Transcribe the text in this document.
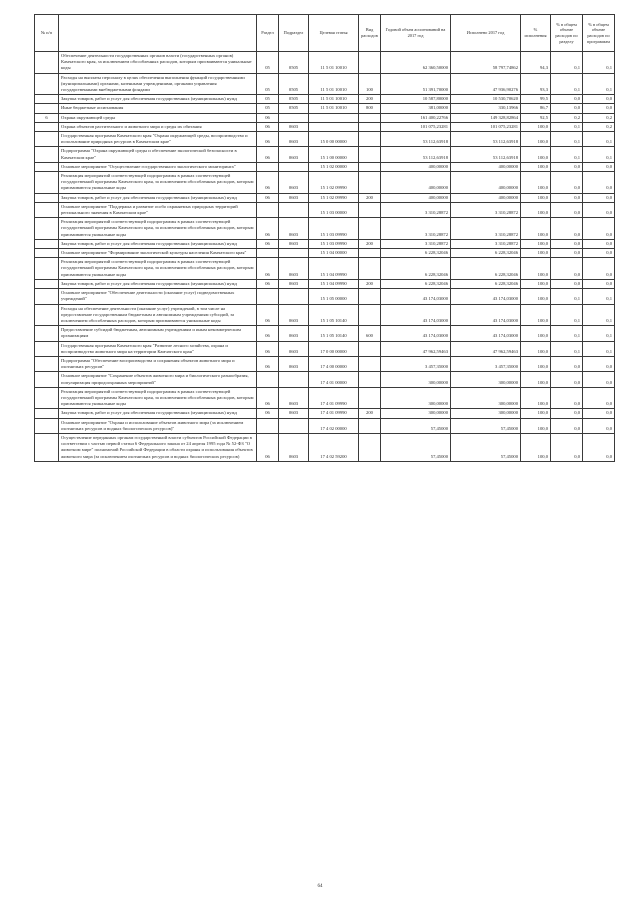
№ п/п		Раздел	Подраздел	Целевая статья	Вид расходов	Годовой объем ассигнований на 2017 год	Исполнено 2017 год	% исполнения	% в общем объеме расходов по разделу	% в общем объеме расходов по программам
	Обеспечение деятельности государственных органов власти (государственных органов) Камчатского края, за исключением обособленных расходов, которым присваиваются уникальные коды	05	0505	11 5 01 10010		62 360,50000	58 797,74862	94,3	0,1	0,1
	Расходы на выплаты персоналу в целях обеспечения выполнения функций государственными (муниципальными) органами, казенными учреждениями, органами управления государственными внебюджетными фондами	05	0505	11 5 01 10010	100	51 391,70000	47 936,90276	93,3	0,1	0,1
	Закупка товаров, работ и услуг для обеспечения государственных (муниципальных) нужд	05	0505	11 5 01 10010	200	10 587,80000	10 530,70620	99,5	0,0	0,0
	Иные бюджетные ассигнования	05	0505	11 5 01 10010	800	381,00000	330,13966	86,7	0,0	0,0
6	Охрана окружающей среды	06				161 400,22766	149 328,82864	92,5	0,2	0,2
	Охрана объектов растительного и животного мира и среды их обитания	06	0603			101 075,23281	101 075,23281	100,0	0,1	0,2
	Государственная программа Камчатского края "Охрана окружающей среды, воспроизводство и использование природных ресурсов в Камчатском крае"	06	0603	15 0 00 00000		53 112,63918	53 112,63918	100,0	0,1	0,1
	Подпрограмма "Охрана окружающей среды и обеспечение экологической безопасности в Камчатском крае"	06	0603	15 1 00 00000		53 112,63918	53 112,63918	100,0	0,1	0,1
	Основное мероприятие "Осуществление государственного экологического мониторинга"			15 1 02 00000		400,00000	400,00000	100,0	0,0	0,0
	Реализация мероприятий соответствующей подпрограммы в рамках соответствующей государственной программы Камчатского края, за исключением обособленных расходов, которым присваиваются уникальные коды	06	0603	15 1 02 09990		400,00000	400,00000	100,0	0,0	0,0
	Закупка товаров, работ и услуг для обеспечения государственных (муниципальных) нужд	06	0603	15 1 02 09990	200	400,00000	400,00000	100,0	0,0	0,0
	Основное мероприятие "Поддержка и развитие особо охраняемых природных территорий регионального значения в Камчатском крае"			15 1 03 00000		3 310,28872	3 310,28872	100,0	0,0	0,0
	Реализация мероприятий соответствующей подпрограммы в рамках соответствующей государственной программы Камчатского края, за исключением обособленных расходов, которым присваиваются уникальные коды	06	0603	15 1 03 09990		3 310,28872	3 310,28872	100,0	0,0	0,0
	Закупка товаров, работ и услуг для обеспечения государственных (муниципальных) нужд	06	0603	15 1 03 09990	200	3 310,28872	3 310,28872	100,0	0,0	0,0
	Основное мероприятие "Формирование экологической культуры населения Камчатского края"			15 1 04 00000		6 228,32046	6 228,32046	100,0	0,0	0,0
	Реализация мероприятий соответствующей подпрограммы в рамках соответствующей государственной программы Камчатского края, за исключением обособленных расходов, которым присваиваются уникальные коды	06	0603	15 1 04 09990		6 228,32046	6 228,32046	100,0	0,0	0,0
	Закупка товаров, работ и услуг для обеспечения государственных (муниципальных) нужд	06	0603	15 1 04 09990	200	6 228,32046	6 228,32046	100,0	0,0	0,0
	Основное мероприятие "Обеспечение деятельности (оказание услуг) подведомственных учреждений"			15 1 05 00000		43 174,03000	43 174,03000	100,0	0,1	0,1
	Расходы на обеспечение деятельности (оказание услуг) учреждений, в том числе на предоставление государственным бюджетным и автономным учреждениям субсидий, за исключением обособленных расходов, которым присваиваются уникальные коды	06	0603	15 1 05 10140		43 174,03000	43 174,03000	100,0	0,1	0,1
	Предоставление субсидий бюджетным, автономным учреждениям и иным некоммерческим организациям	06	0603	15 1 05 10140	600	43 174,03000	43 174,03000	100,0	0,1	0,1
	Государственная программа Камчатского края "Развитие лесного хозяйства, охрана и воспроизводство животного мира на территории Камчатского края"	06	0603	17 0 00 00000		47 962,59463	47 962,59463	100,0	0,1	0,1
	Подпрограмма "Обеспечение воспроизводства и сохранения объектов животного мира и охотничьих ресурсов"	06	0603	17 4 00 00000		3 457,35000	3 457,35000	100,0	0,0	0,0
	Основное мероприятие "Сохранение объектов животного мира и биологического разнообразия, популяризация природоохранных мероприятий"			17 4 01 00000		300,00000	300,00000	100,0	0,0	0,0
	Реализация мероприятий соответствующей подпрограммы в рамках соответствующей государственной программы Камчатского края, за исключением обособленных расходов, которым присваиваются уникальные коды	06	0603	17 4 01 09990		300,00000	300,00000	100,0	0,0	0,0
	Закупка товаров, работ и услуг для обеспечения государственных (муниципальных) нужд	06	0603	17 4 01 09990	200	300,00000	300,00000	100,0	0,0	0,0
	Основное мероприятие "Охрана и использование объектов животного мира (за исключением охотничьих ресурсов и водных биологических ресурсов)"			17 4 02 00000		57,45000	57,45000	100,0	0,0	0,0
	Осуществление переданных органам государственной власти субъектов Российской Федерации в соответствии с частью первой статьи 6 Федерального закона от 24 апреля 1995 года № 52-ФЗ "О животном мире" полномочий Российской Федерации в области охраны и использования объектов животного мира (за исключением охотничьих ресурсов и водных биологических ресурсов)	06	0603	17 4 02 59200		57,45000	57,45000	100,0	0,0	0,0
64
